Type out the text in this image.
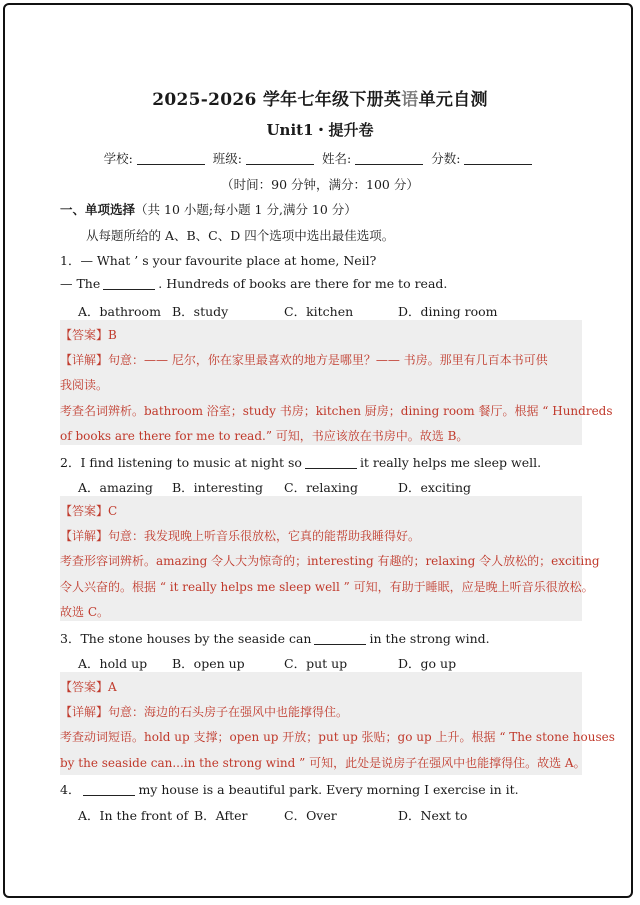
2025-2026 学年七年级下册英语单元自测
Unit1・提升卷
学校:	班级:	姓名:	分数:
（时间：90 分钟，满分：100 分）
一、单项选择（共 10 小题;每小题 1 分,满分 10 分）
从每题所给的 A、B、C、D 四个选项中选出最佳选项。
1．— What ’ s your favourite place at home, Neil?
— The	. Hundreds of books are there for me to read.
A．bathroom B．study	C．kitchen	D．dining room
【答案】B
【详解】句意：—— 尼尔，你在家里最喜欢的地方是哪里？—— 书房。那里有几百本书可供
我阅读。
考查名词辨析。bathroom 浴室；study 书房；kitchen 厨房；dining room 餐厅。根据 “ Hundreds
of books are there for me to read.” 可知，书应该放在书房中。故选 B。
2．I find listening to music at night so	it really helps me sleep well.
A．amazing B．interesting C．relaxing	D．exciting
【答案】C
【详解】句意：我发现晚上听音乐很放松，它真的能帮助我睡得好。
考查形容词辨析。amazing 令人大为惊奇的；interesting 有趣的；relaxing 令人放松的；exciting
令人兴奋的。根据 “ it really helps me sleep well ” 可知，有助于睡眠，应是晚上听音乐很放松。
故选 C。
3．The stone houses by the seaside can	in the strong wind.
A．hold up B．open up	C．put up	D．go up
【答案】A
【详解】句意：海边的石头房子在强风中也能撑得住。
考查动词短语。hold up 支撑；open up 开放；put up 张贴；go up 上升。根据 “ The stone houses
by the seaside can...in the strong wind ” 可知，此处是说房子在强风中也能撑得住。故选 A。
4．	my house is a beautiful park. Every morning I exercise in it.
A．In the front of B．After	C．Over	D．Next to
